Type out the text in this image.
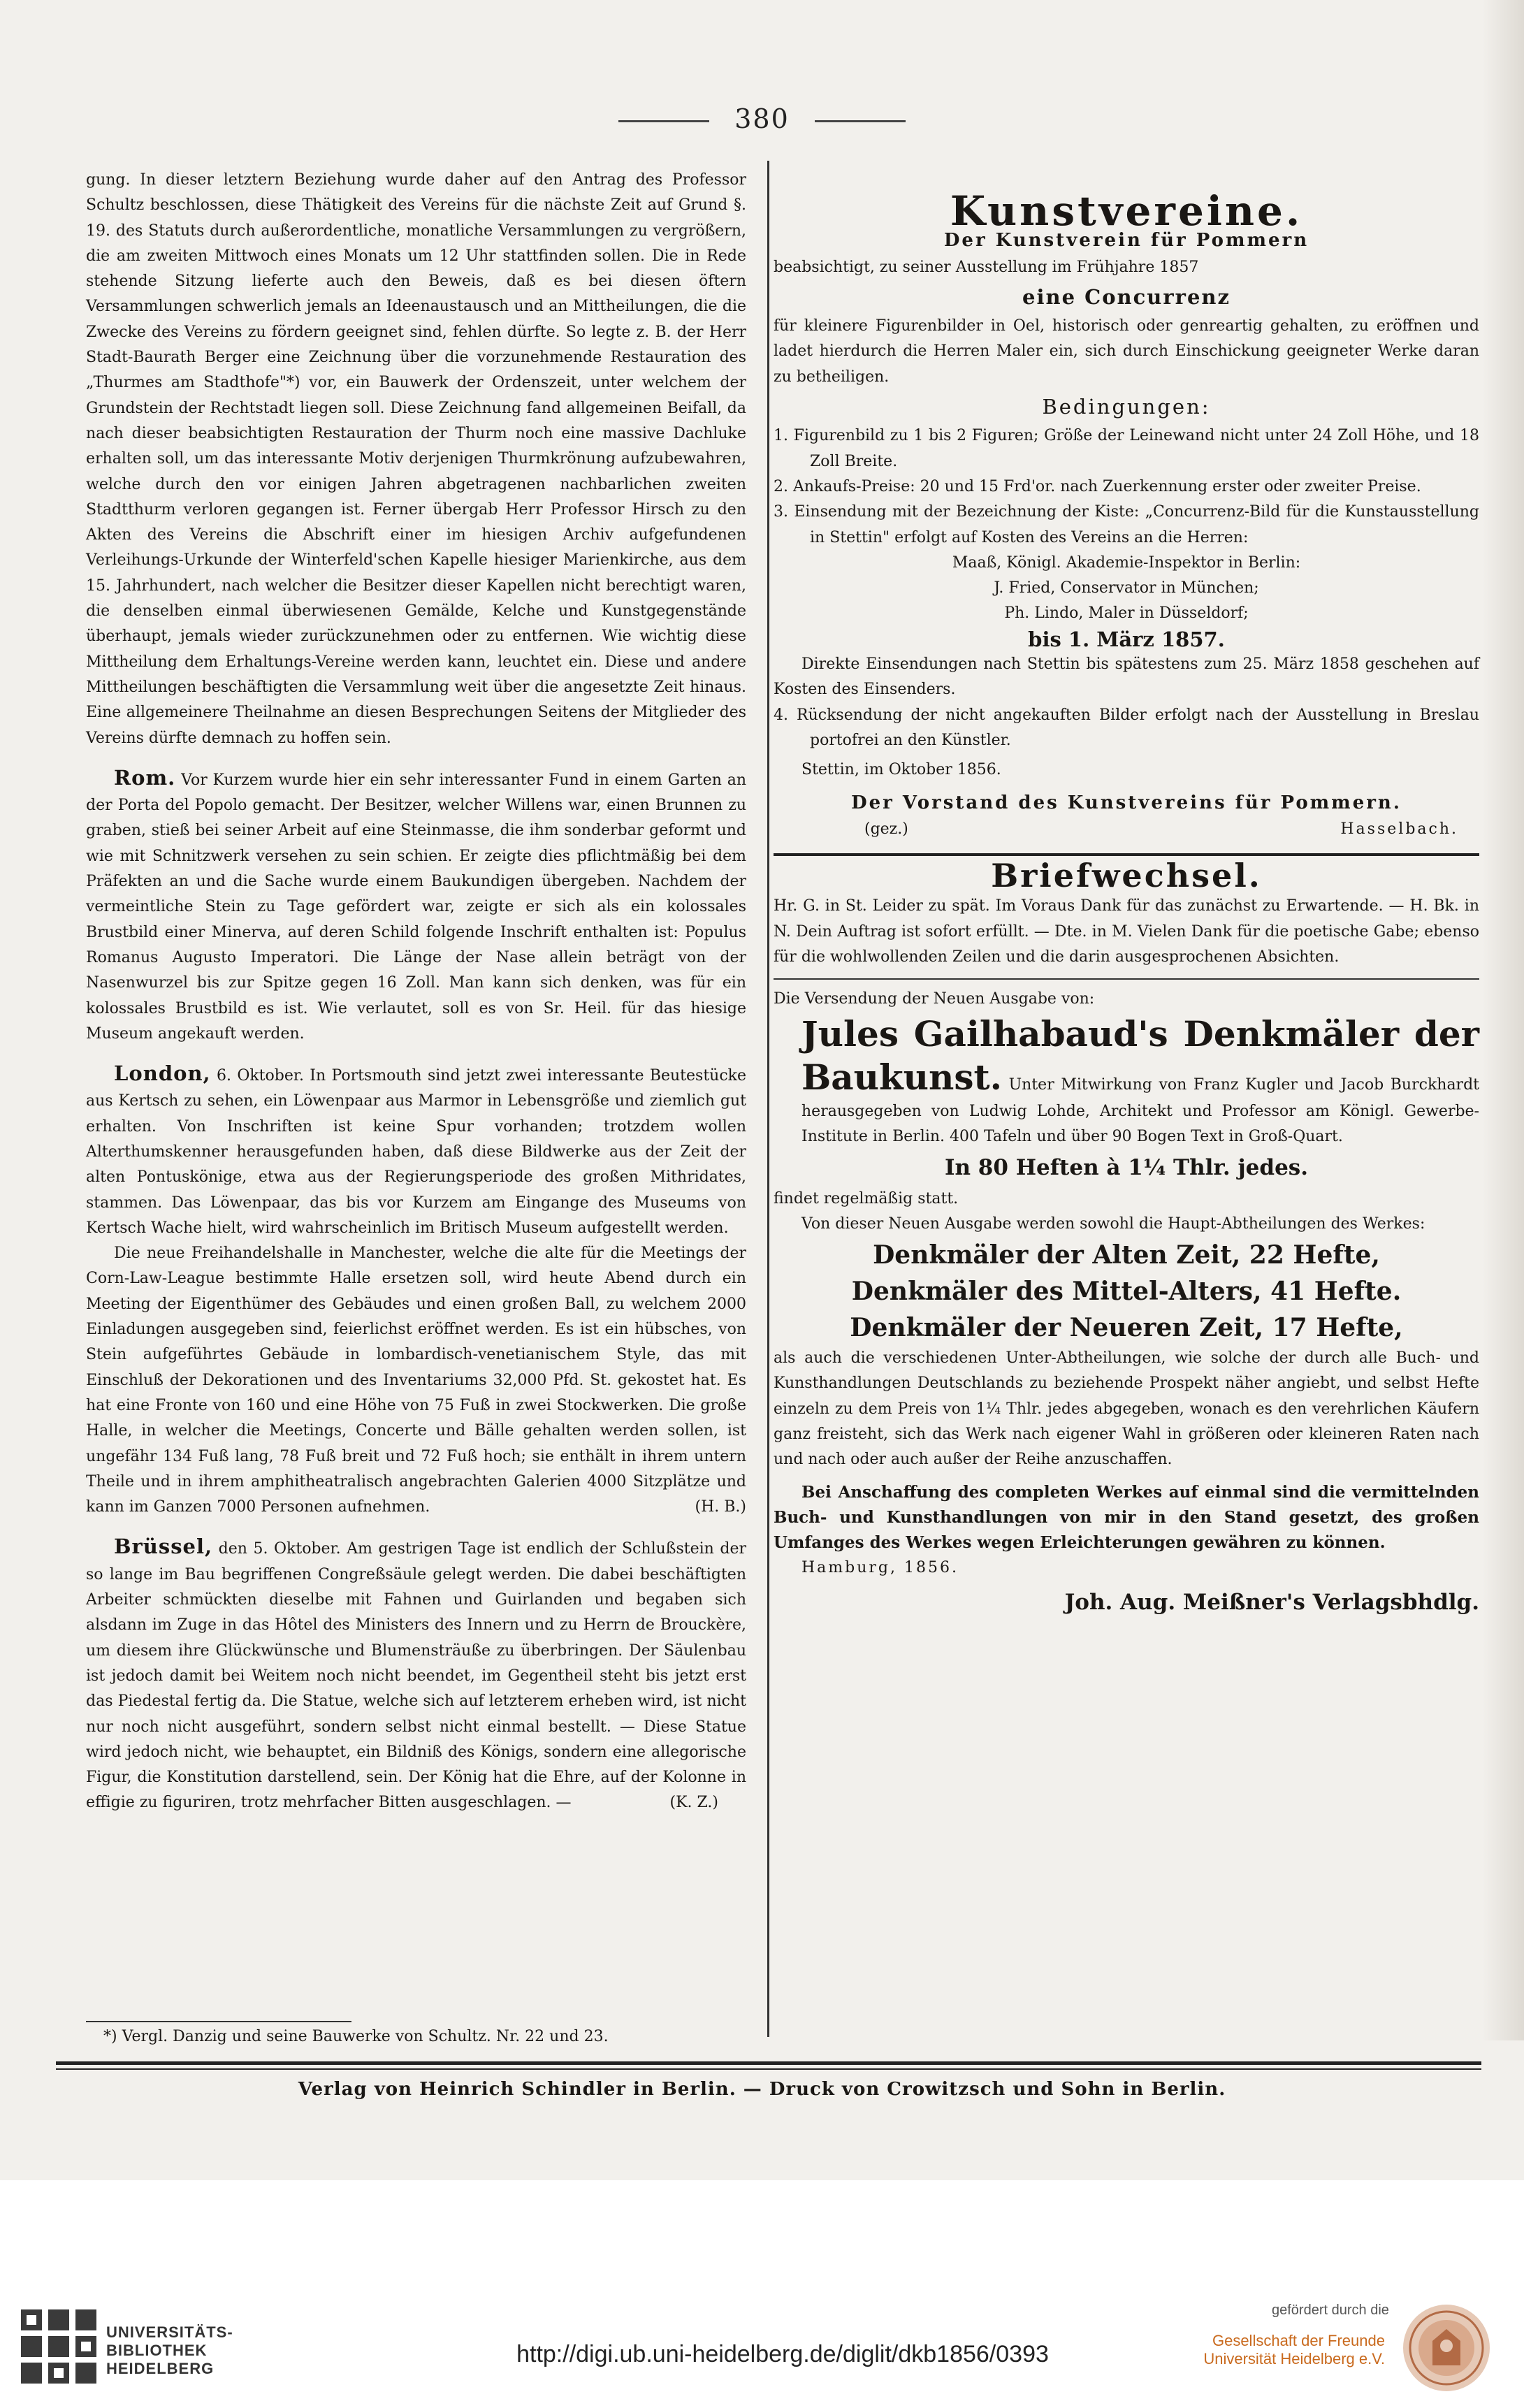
380

gung. In dieser letztern Beziehung wurde daher auf den Antrag des Professor Schultz beschlossen, diese Thätigkeit des Vereins für die nächste Zeit auf Grund §. 19. des Statuts durch außerordentliche, monatliche Versammlungen zu vergrößern, die am zweiten Mittwoch eines Monats um 12 Uhr stattfinden sollen. Die in Rede stehende Sitzung lieferte auch den Beweis, daß es bei diesen öftern Versammlungen schwerlich jemals an Ideenaustausch und an Mittheilungen, die die Zwecke des Vereins zu fördern geeignet sind, fehlen dürfte. So legte z. B. der Herr Stadt-Baurath Berger eine Zeichnung über die vorzunehmende Restauration des „Thurmes am Stadthofe"*) vor, ein Bauwerk der Ordenszeit, unter welchem der Grundstein der Rechtstadt liegen soll. Diese Zeichnung fand allgemeinen Beifall, da nach dieser beabsichtigten Restauration der Thurm noch eine massive Dachluke erhalten soll, um das interessante Motiv derjenigen Thurmkrönung aufzubewahren, welche durch den vor einigen Jahren abgetragenen nachbarlichen zweiten Stadtthurm verloren gegangen ist. Ferner übergab Herr Professor Hirsch zu den Akten des Vereins die Abschrift einer im hiesigen Archiv aufgefundenen Verleihungs-Urkunde der Winterfeld'schen Kapelle hiesiger Marienkirche, aus dem 15. Jahrhundert, nach welcher die Besitzer dieser Kapellen nicht berechtigt waren, die denselben einmal überwiesenen Gemälde, Kelche und Kunstgegenstände überhaupt, jemals wieder zurückzunehmen oder zu entfernen. Wie wichtig diese Mittheilung dem Erhaltungs-Vereine werden kann, leuchtet ein. Diese und andere Mittheilungen beschäftigten die Versammlung weit über die angesetzte Zeit hinaus. Eine allgemeinere Theilnahme an diesen Besprechungen Seitens der Mitglieder des Vereins dürfte demnach zu hoffen sein.

Rom. Vor Kurzem wurde hier ein sehr interessanter Fund in einem Garten an der Porta del Popolo gemacht. Der Besitzer, welcher Willens war, einen Brunnen zu graben, stieß bei seiner Arbeit auf eine Steinmasse, die ihm sonderbar geformt und wie mit Schnitzwerk versehen zu sein schien. Er zeigte dies pflichtmäßig bei dem Präfekten an und die Sache wurde einem Baukundigen übergeben. Nachdem der vermeintliche Stein zu Tage gefördert war, zeigte er sich als ein kolossales Brustbild einer Minerva, auf deren Schild folgende Inschrift enthalten ist: Populus Romanus Augusto Imperatori. Die Länge der Nase allein beträgt von der Nasenwurzel bis zur Spitze gegen 16 Zoll. Man kann sich denken, was für ein kolossales Brustbild es ist. Wie verlautet, soll es von Sr. Heil. für das hiesige Museum angekauft werden.

London, 6. Oktober. In Portsmouth sind jetzt zwei interessante Beutestücke aus Kertsch zu sehen, ein Löwenpaar aus Marmor in Lebensgröße und ziemlich gut erhalten. Von Inschriften ist keine Spur vorhanden; trotzdem wollen Alterthumskenner herausgefunden haben, daß diese Bildwerke aus der Zeit der alten Pontuskönige, etwa aus der Regierungsperiode des großen Mithridates, stammen. Das Löwenpaar, das bis vor Kurzem am Eingange des Museums von Kertsch Wache hielt, wird wahrscheinlich im Britisch Museum aufgestellt werden.

Die neue Freihandelshalle in Manchester, welche die alte für die Meetings der Corn-Law-League bestimmte Halle ersetzen soll, wird heute Abend durch ein Meeting der Eigenthümer des Gebäudes und einen großen Ball, zu welchem 2000 Einladungen ausgegeben sind, feierlichst eröffnet werden. Es ist ein hübsches, von Stein aufgeführtes Gebäude in lombardisch-venetianischem Style, das mit Einschluß der Dekorationen und des Inventariums 32,000 Pfd. St. gekostet hat. Es hat eine Fronte von 160 und eine Höhe von 75 Fuß in zwei Stockwerken. Die große Halle, in welcher die Meetings, Concerte und Bälle gehalten werden sollen, ist ungefähr 134 Fuß lang, 78 Fuß breit und 72 Fuß hoch; sie enthält in ihrem untern Theile und in ihrem amphitheatralisch angebrachten Galerien 4000 Sitzplätze und kann im Ganzen 7000 Personen aufnehmen.	(H. B.)

Brüssel, den 5. Oktober. Am gestrigen Tage ist endlich der Schlußstein der so lange im Bau begriffenen Congreßsäule gelegt werden. Die dabei beschäftigten Arbeiter schmückten dieselbe mit Fahnen und Guirlanden und begaben sich alsdann im Zuge in das Hôtel des Ministers des Innern und zu Herrn de Brouckère, um diesem ihre Glückwünsche und Blumensträuße zu überbringen. Der Säulenbau ist jedoch damit bei Weitem noch nicht beendet, im Gegentheil steht bis jetzt erst das Piedestal fertig da. Die Statue, welche sich auf letzterem erheben wird, ist nicht nur noch nicht ausgeführt, sondern selbst nicht einmal bestellt. — Diese Statue wird jedoch nicht, wie behauptet, ein Bildniß des Königs, sondern eine allegorische Figur, die Konstitution darstellend, sein. Der König hat die Ehre, auf der Kolonne in effigie zu figuriren, trotz mehrfacher Bitten ausgeschlagen. —	(K. Z.)

Kunstvereine.
Der Kunstverein für Pommern

beabsichtigt, zu seiner Ausstellung im Frühjahre 1857

eine Concurrenz

für kleinere Figurenbilder in Oel, historisch oder genreartig gehalten, zu eröffnen und ladet hierdurch die Herren Maler ein, sich durch Einschickung geeigneter Werke daran zu betheiligen.

Bedingungen:

1. Figurenbild zu 1 bis 2 Figuren; Größe der Leinewand nicht unter 24 Zoll Höhe, und 18 Zoll Breite.

2. Ankaufs-Preise: 20 und 15 Frd'or. nach Zuerkennung erster oder zweiter Preise.

3. Einsendung mit der Bezeichnung der Kiste: „Concurrenz-Bild für die Kunstausstellung in Stettin" erfolgt auf Kosten des Vereins an die Herren:

Maaß, Königl. Akademie-Inspektor in Berlin:

J. Fried, Conservator in München;

Ph. Lindo, Maler in Düsseldorf;

bis 1. März 1857.

Direkte Einsendungen nach Stettin bis spätestens zum 25. März 1858 geschehen auf Kosten des Einsenders.

4. Rücksendung der nicht angekauften Bilder erfolgt nach der Ausstellung in Breslau portofrei an den Künstler.

Stettin, im Oktober 1856.

Der Vorstand des Kunstvereins für Pommern.
(gez.)	Hasselbach.
Briefwechsel.

Hr. G. in St. Leider zu spät. Im Voraus Dank für das zunächst zu Erwartende. — H. Bk. in N. Dein Auftrag ist sofort erfüllt. — Dte. in M. Vielen Dank für die poetische Gabe; ebenso für die wohlwollenden Zeilen und die darin ausgesprochenen Absichten.

Die Versendung der Neuen Ausgabe von:

Jules Gailhabaud's Denkmäler der Baukunst. Unter Mitwirkung von Franz Kugler und Jacob Burckhardt herausgegeben von Ludwig Lohde, Architekt und Professor am Königl. Gewerbe-Institute in Berlin. 400 Tafeln und über 90 Bogen Text in Groß-Quart.

In 80 Heften à 1¼ Thlr. jedes.

findet regelmäßig statt.

Von dieser Neuen Ausgabe werden sowohl die Haupt-Abtheilungen des Werkes:

Denkmäler der Alten Zeit, 22 Hefte,
Denkmäler des Mittel-Alters, 41 Hefte.
Denkmäler der Neueren Zeit, 17 Hefte,

als auch die verschiedenen Unter-Abtheilungen, wie solche der durch alle Buch- und Kunsthandlungen Deutschlands zu beziehende Prospekt näher angiebt, und selbst Hefte einzeln zu dem Preis von 1¼ Thlr. jedes abgegeben, wonach es den verehrlichen Käufern ganz freisteht, sich das Werk nach eigener Wahl in größeren oder kleineren Raten nach und nach oder auch außer der Reihe anzuschaffen.

Bei Anschaffung des completen Werkes auf einmal sind die vermittelnden Buch- und Kunsthandlungen von mir in den Stand gesetzt, des großen Umfanges des Werkes wegen Erleichterungen gewähren zu können.

Hamburg, 1856.

Joh. Aug. Meißner's Verlagsbhdlg.
*) Vergl. Danzig und seine Bauwerke von Schultz. Nr. 22 und 23.
Verlag von Heinrich Schindler in Berlin. — Druck von Crowitzsch und Sohn in Berlin.
UNIVERSITÄTS-
BIBLIOTHEK
HEIDELBERG
http://digi.ub.uni-heidelberg.de/diglit/dkb1856/0393
gefördert durch die
Gesellschaft der Freunde
Universität Heidelberg e.V.
